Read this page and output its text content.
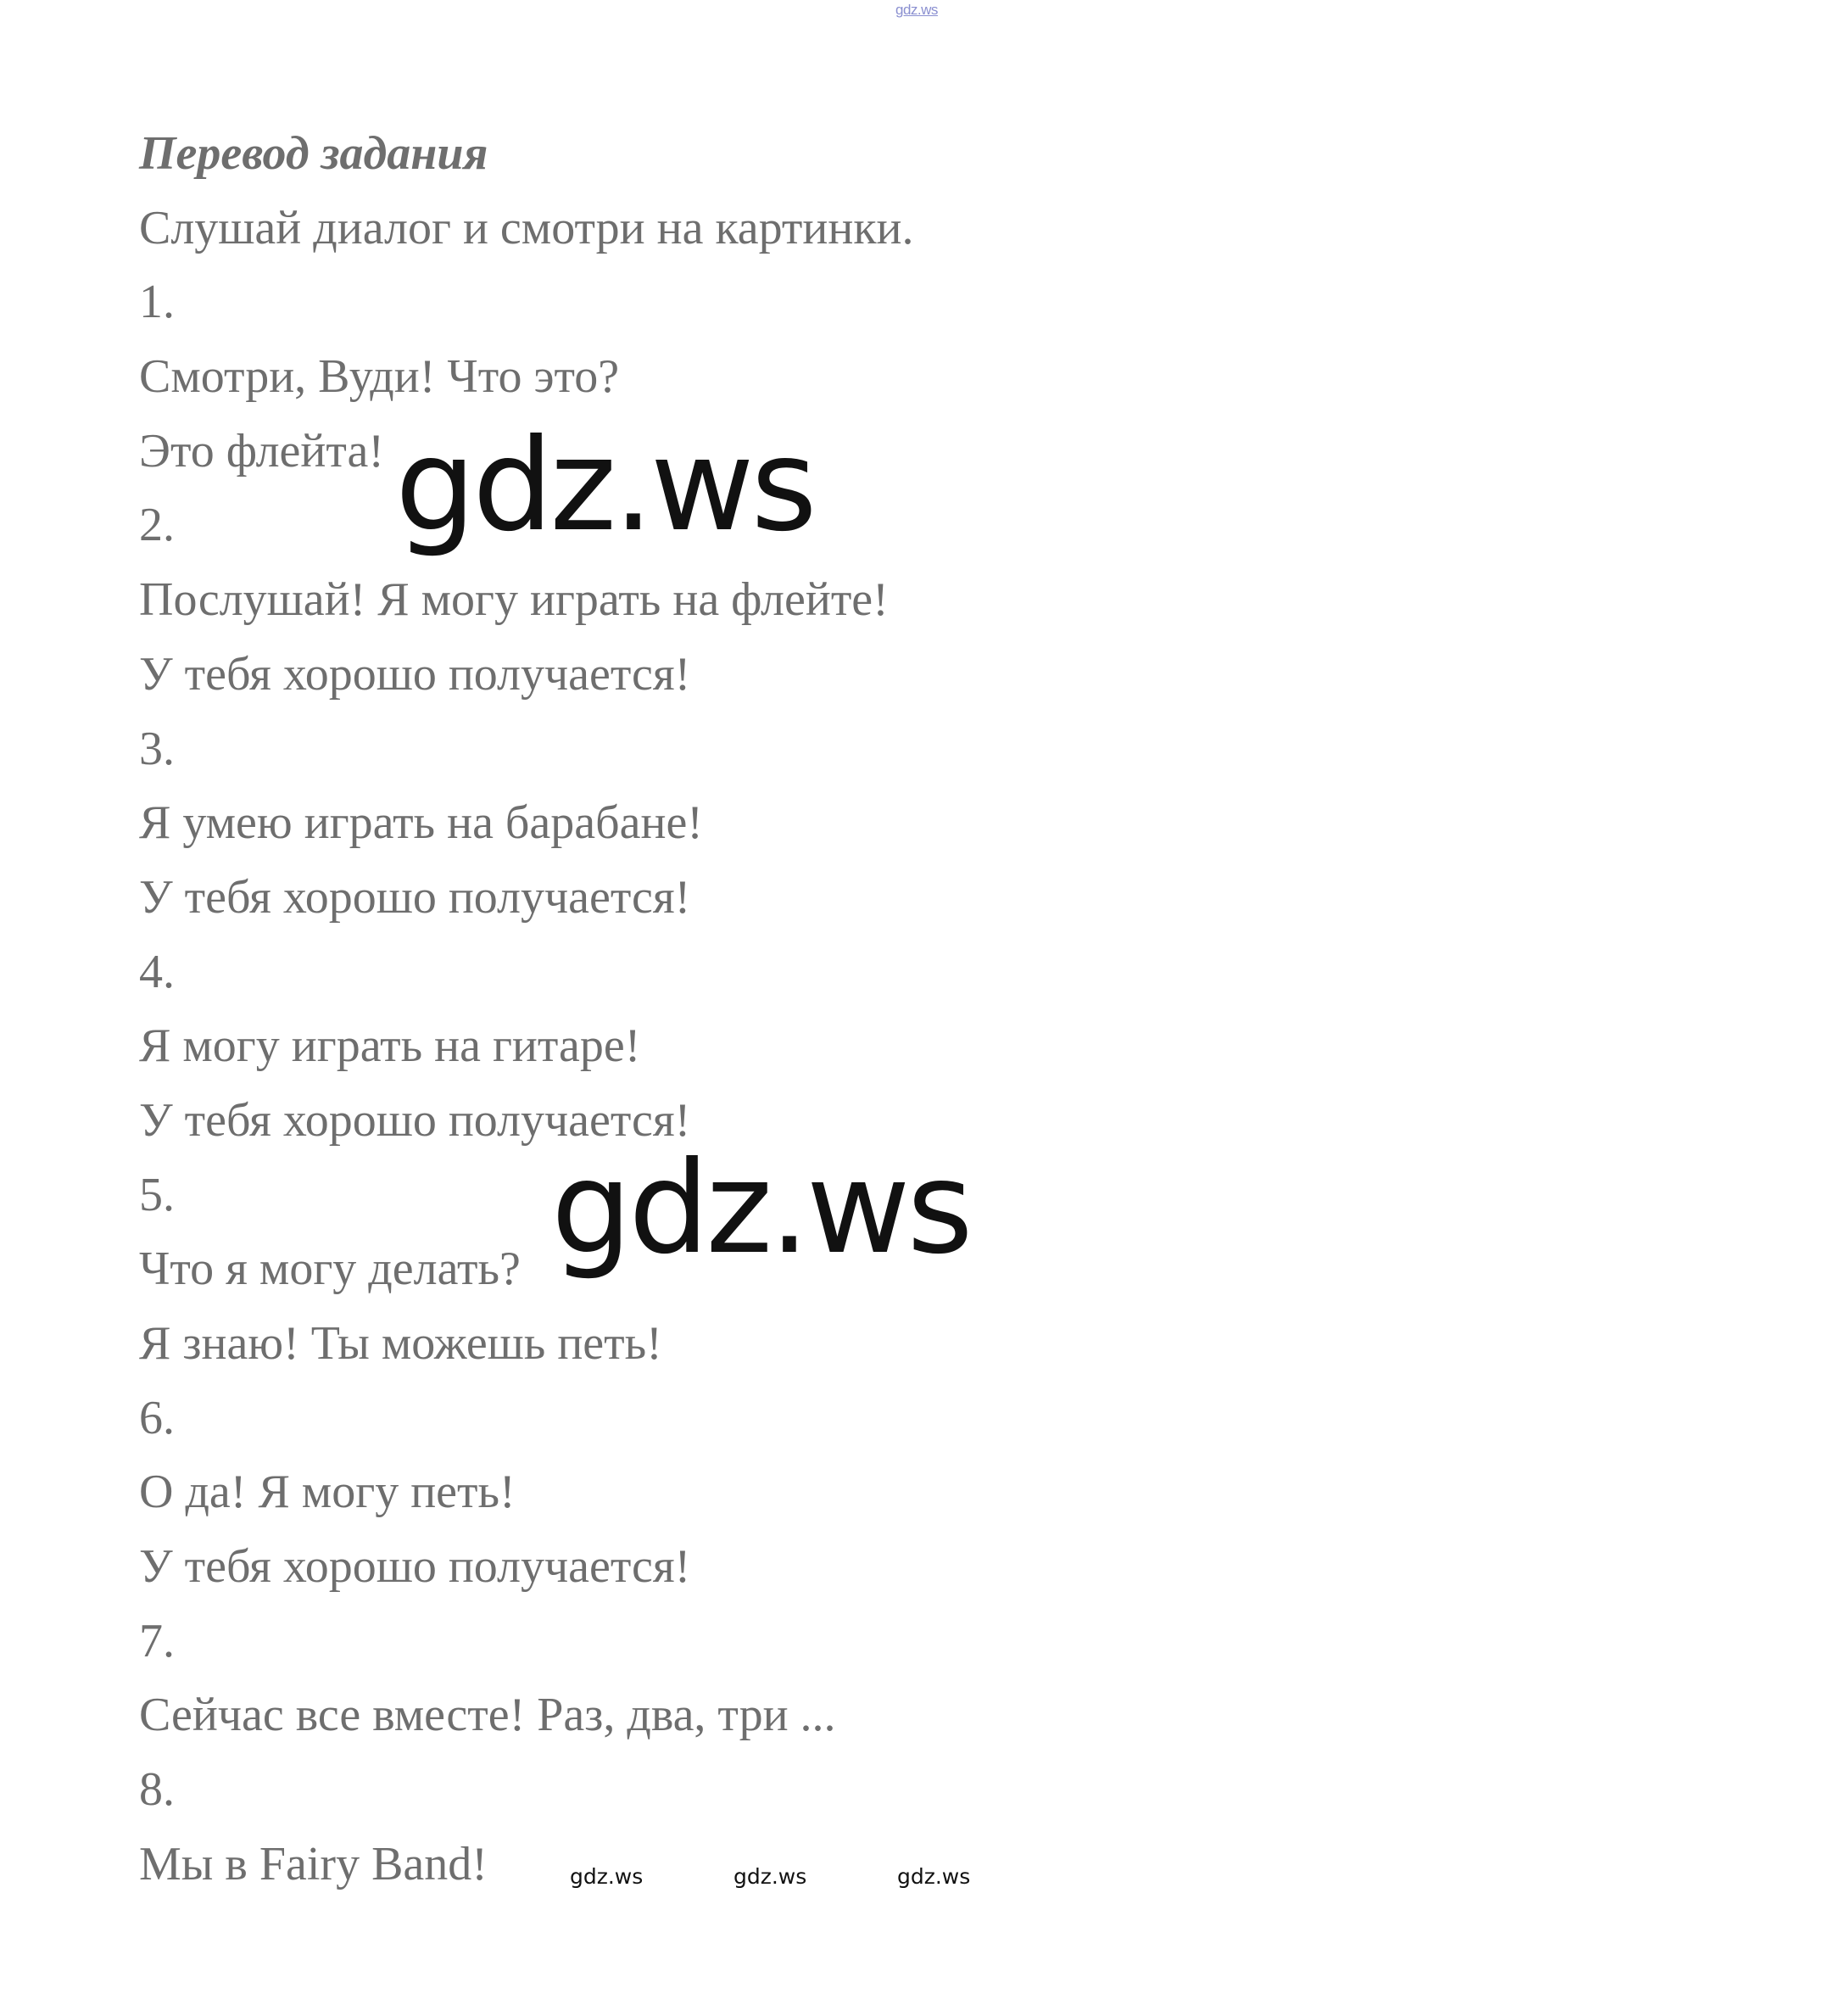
gdz.ws
Перевод задания
Слушай диалог и смотри на картинки.
1.
Смотри, Вуди! Что это?
Это флейта!
2.
Послушай! Я могу играть на флейте!
У тебя хорошо получается!
3.
Я умею играть на барабане!
У тебя хорошо получается!
4.
Я могу играть на гитаре!
У тебя хорошо получается!
5.
Что я могу делать?
Я знаю! Ты можешь петь!
6.
О да! Я могу петь!
У тебя хорошо получается!
7.
Сейчас все вместе! Раз, два, три ...
8.
Мы в Fairy Band!
gdz.ws
gdz.ws
gdz.ws	gdz.ws	gdz.ws
